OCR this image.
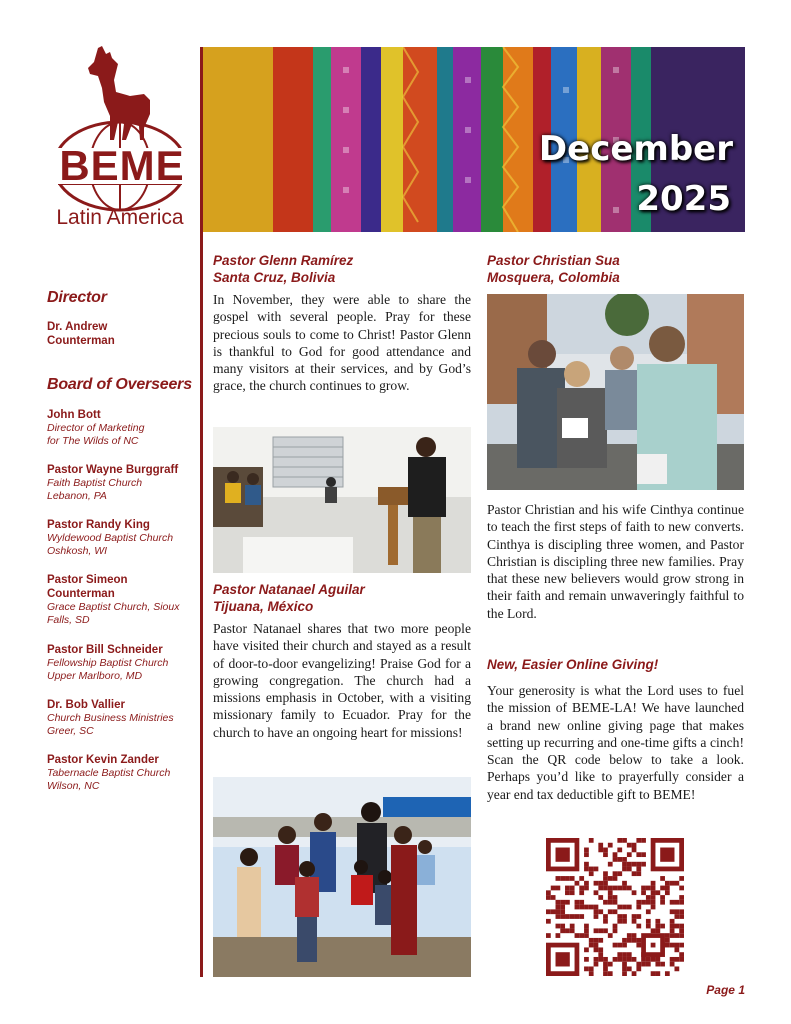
BEME
Latin America
December
2025
Director
Dr. Andrew
Counterman
Board of Overseers
John Bott
Director of Marketing
for The Wilds of NC
Pastor Wayne Burggraff
Faith Baptist Church
Lebanon, PA
Pastor Randy King
Wyldewood Baptist Church
Oshkosh, WI
Pastor Simeon
Counterman
Grace Baptist Church, Sioux
Falls, SD
Pastor Bill Schneider
Fellowship Baptist Church
Upper Marlboro, MD
Dr. Bob Vallier
Church Business Ministries
Greer, SC
Pastor Kevin Zander
Tabernacle Baptist Church
Wilson, NC
Pastor Glenn Ramírez
Santa Cruz, Bolivia
In November, they were able to share the gospel with several people. Pray for these precious souls to come to Christ! Pastor Glenn is thankful to God for good attendance and many visitors at their services, and by God’s grace, the church continues to grow.
Pastor Natanael Aguilar
Tijuana, México
Pastor Natanael shares that two more people have visited their church and stayed as a result of door-to-door evangelizing! Praise God for a growing congregation. The church had a missions emphasis in October, with a visiting missionary family to Ecuador. Pray for the church to have an ongoing heart for missions!
Pastor Christian Sua
Mosquera, Colombia
Pastor Christian and his wife Cinthya continue to teach the first steps of faith to new converts. Cinthya is discipling three women, and Pastor Christian is discipling three new families. Pray that these new believers would grow strong in their faith and remain unwaveringly faithful to the Lord.
New, Easier Online Giving!
Your generosity is what the Lord uses to fuel the mission of BEME-LA! We have launched a brand new online giving page that makes setting up recurring and one-time gifts a cinch! Scan the QR code below to take a look. Perhaps you’d like to prayerfully consider a year end tax deductible gift to BEME!
Page 1
